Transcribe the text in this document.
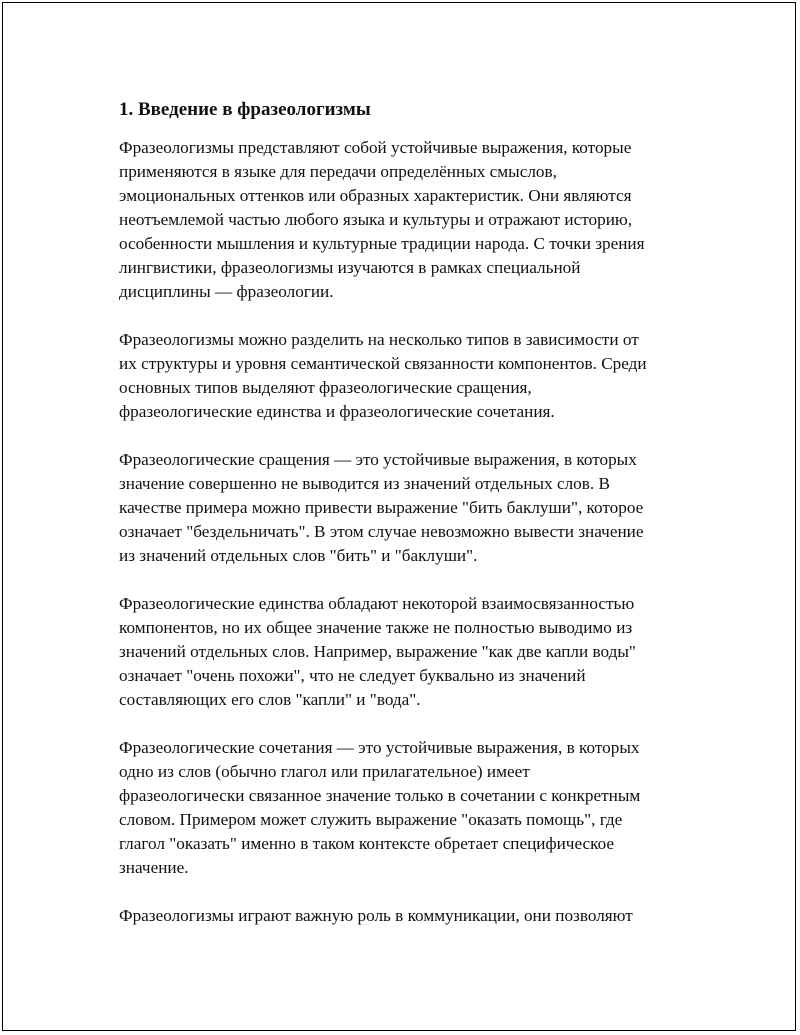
1. Введение в фразеологизмы

Фразеологизмы представляют собой устойчивые выражения, которые
применяются в языке для передачи определённых смыслов,
эмоциональных оттенков или образных характеристик. Они являются
неотъемлемой частью любого языка и культуры и отражают историю,
особенности мышления и культурные традиции народа. С точки зрения
лингвистики, фразеологизмы изучаются в рамках специальной
дисциплины — фразеологии.

Фразеологизмы можно разделить на несколько типов в зависимости от
их структуры и уровня семантической связанности компонентов. Среди
основных типов выделяют фразеологические сращения,
фразеологические единства и фразеологические сочетания.

Фразеологические сращения — это устойчивые выражения, в которых
значение совершенно не выводится из значений отдельных слов. В
качестве примера можно привести выражение "бить баклуши", которое
означает "бездельничать". В этом случае невозможно вывести значение
из значений отдельных слов "бить" и "баклуши".

Фразеологические единства обладают некоторой взаимосвязанностью
компонентов, но их общее значение также не полностью выводимо из
значений отдельных слов. Например, выражение "как две капли воды"
означает "очень похожи", что не следует буквально из значений
составляющих его слов "капли" и "вода".

Фразеологические сочетания — это устойчивые выражения, в которых
одно из слов (обычно глагол или прилагательное) имеет
фразеологически связанное значение только в сочетании с конкретным
словом. Примером может служить выражение "оказать помощь", где
глагол "оказать" именно в таком контексте обретает специфическое
значение.

Фразеологизмы играют важную роль в коммуникации, они позволяют
